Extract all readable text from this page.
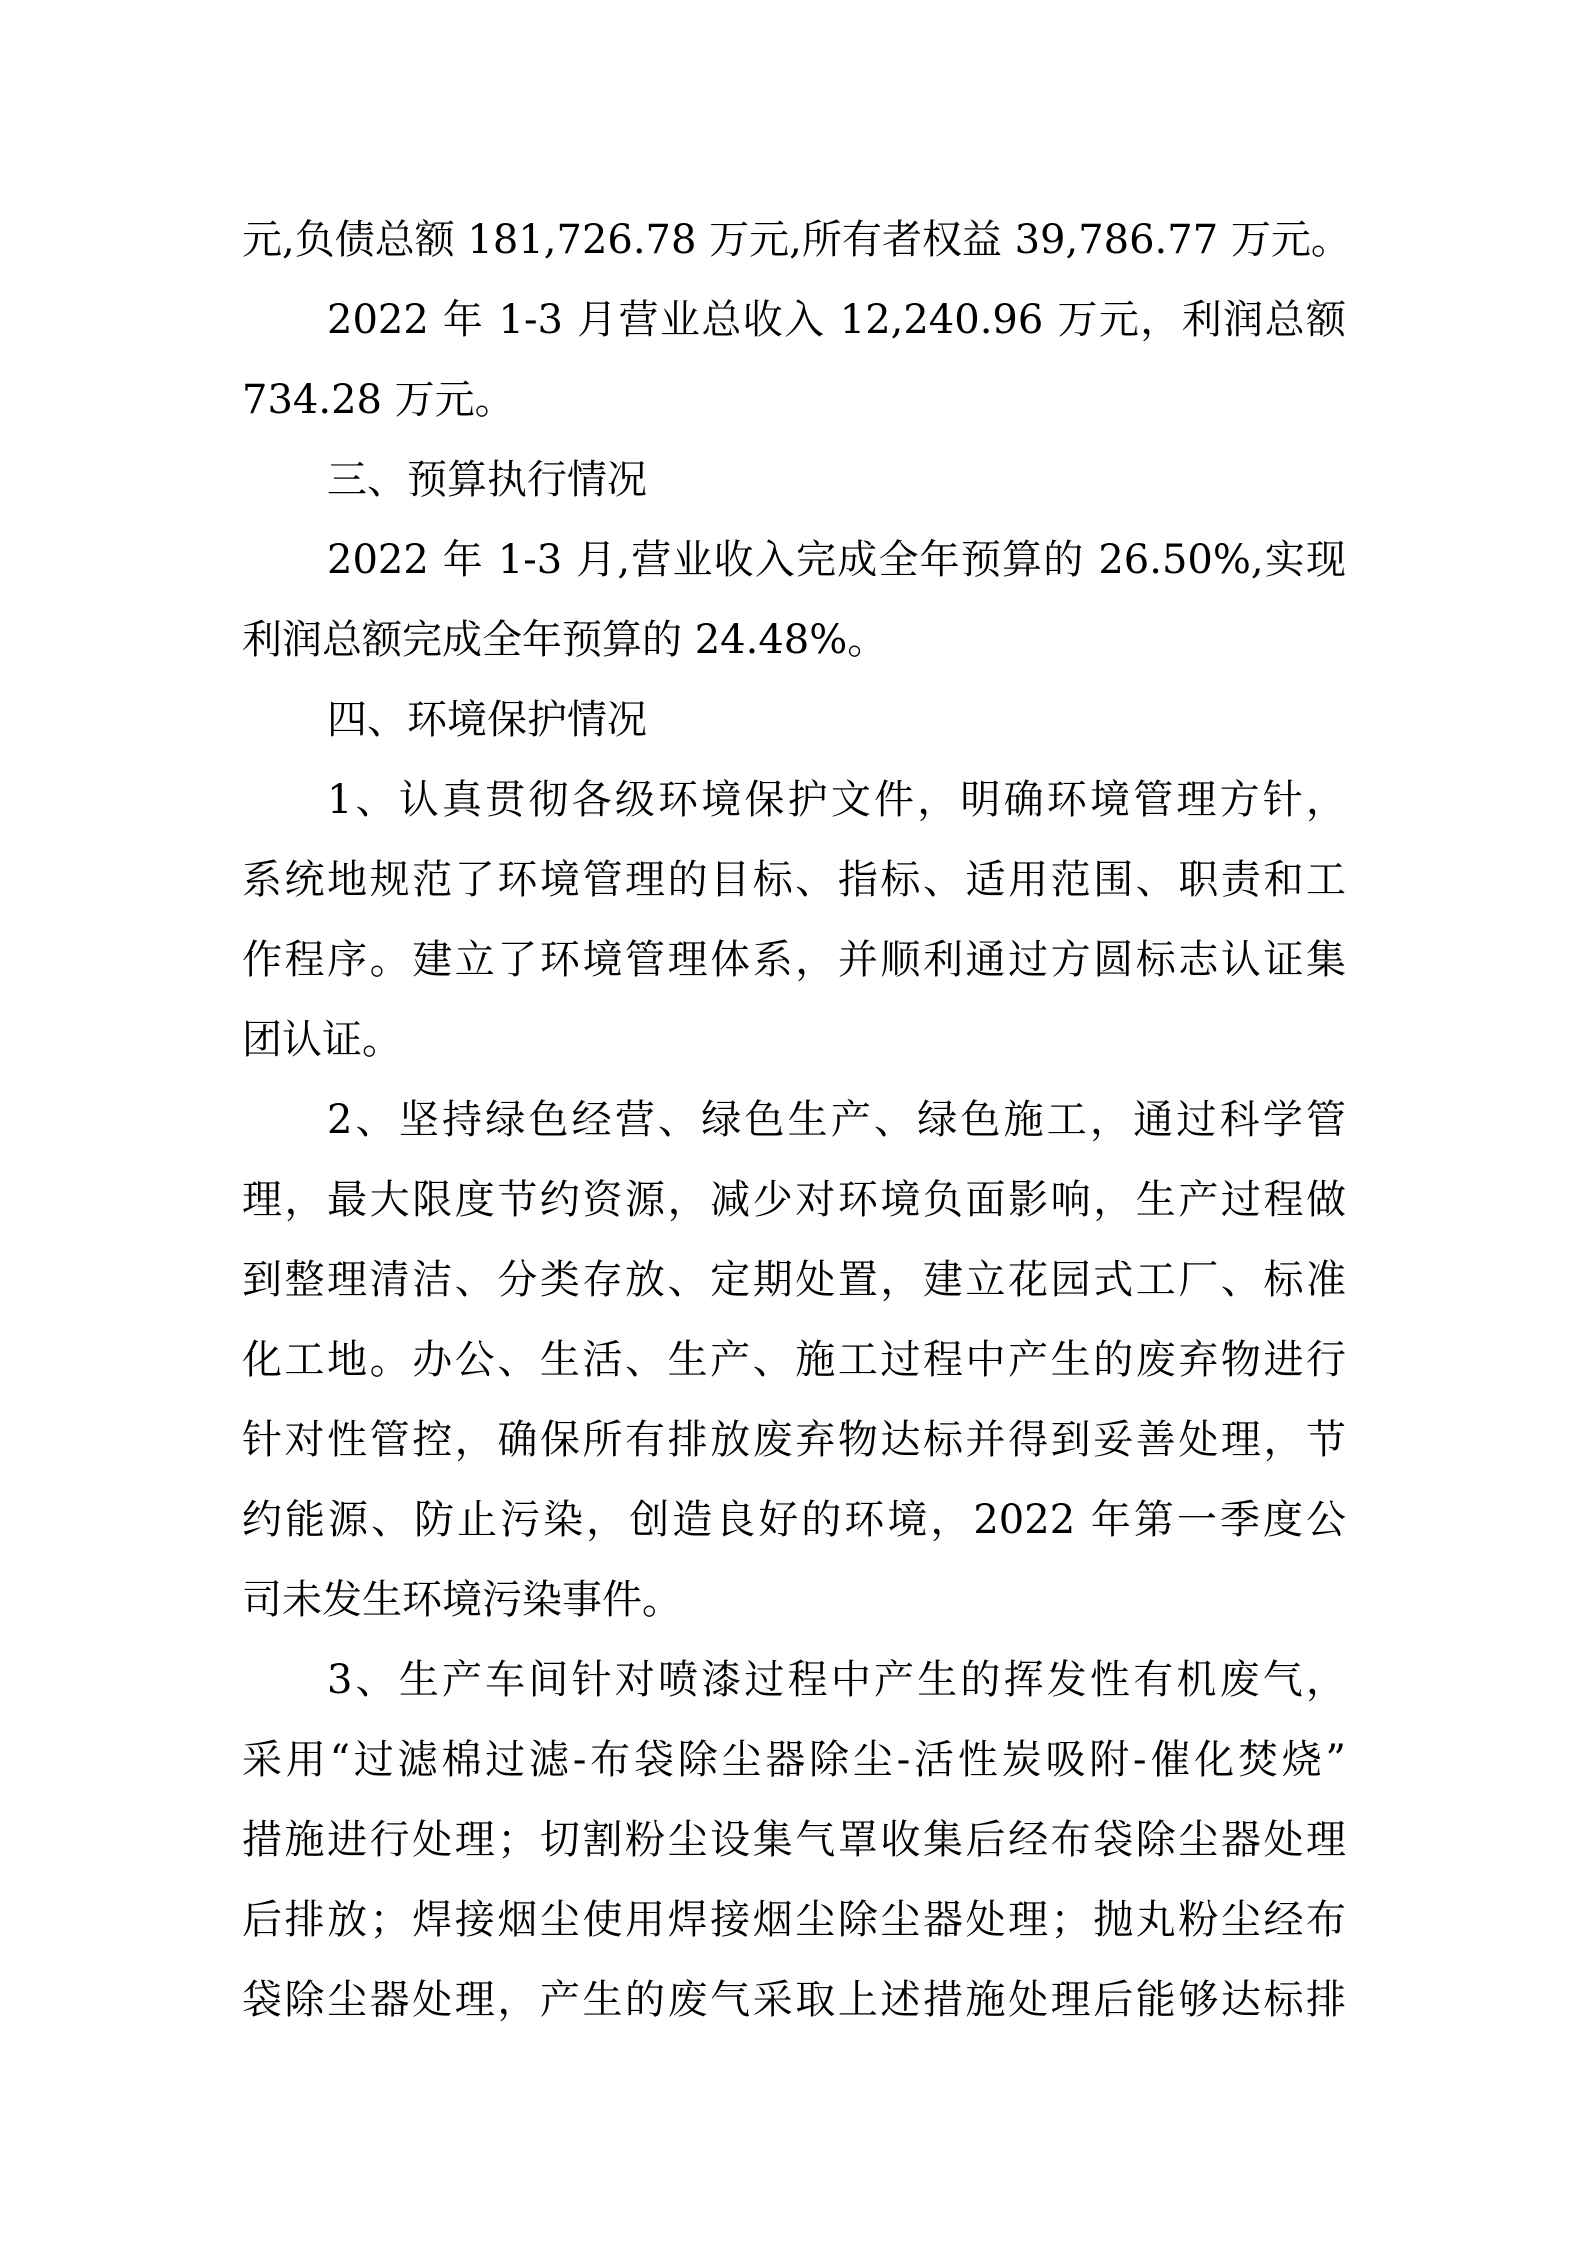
元,负债总额 181,726.78 万元,所有者权益 39,786.77 万元。
2022 年 1-3 月营业总收入 12,240.96 万元，利润总额
734.28 万元。
三、预算执行情况
2022 年 1-3 月,营业收入完成全年预算的 26.50%,实现
利润总额完成全年预算的 24.48%。
四、环境保护情况
1、认真贯彻各级环境保护文件，明确环境管理方针，
系统地规范了环境管理的目标、指标、适用范围、职责和工
作程序。建立了环境管理体系，并顺利通过方圆标志认证集
团认证。
2、坚持绿色经营、绿色生产、绿色施工，通过科学管
理，最大限度节约资源，减少对环境负面影响，生产过程做
到整理清洁、分类存放、定期处置，建立花园式工厂、标准
化工地。办公、生活、生产、施工过程中产生的废弃物进行
针对性管控，确保所有排放废弃物达标并得到妥善处理，节
约能源、防止污染，创造良好的环境，2022 年第一季度公
司未发生环境污染事件。
3、生产车间针对喷漆过程中产生的挥发性有机废气，
采用“过滤棉过滤-布袋除尘器除尘-活性炭吸附-催化焚烧”
措施进行处理；切割粉尘设集气罩收集后经布袋除尘器处理
后排放；焊接烟尘使用焊接烟尘除尘器处理；抛丸粉尘经布
袋除尘器处理，产生的废气采取上述措施处理后能够达标排
